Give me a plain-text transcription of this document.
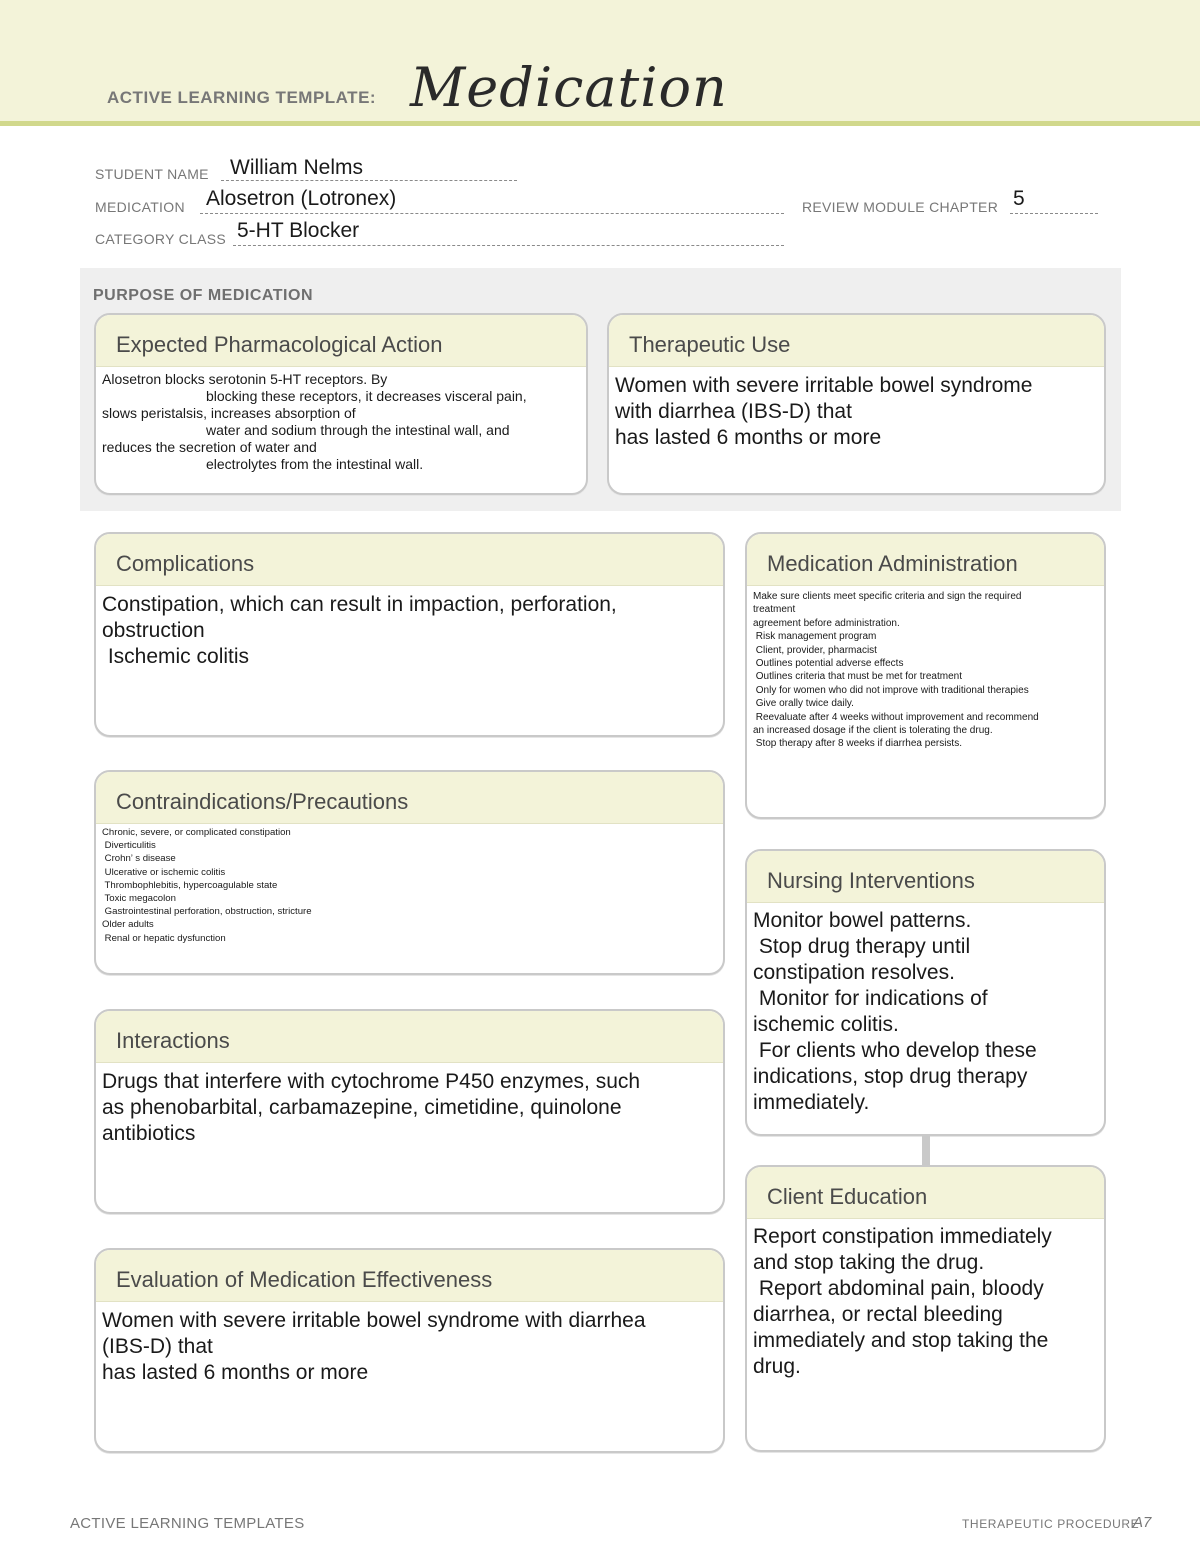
ACTIVE LEARNING TEMPLATE: Medication
STUDENT NAME William Nelms
MEDICATION Alosetron (Lotronex)	REVIEW MODULE CHAPTER 5
CATEGORY CLASS 5-HT Blocker
PURPOSE OF MEDICATION
Expected Pharmacological Action
Alosetron blocks serotonin 5-HT receptors. By
blocking these receptors, it decreases visceral pain,
slows peristalsis, increases absorption of
water and sodium through the intestinal wall, and
reduces the secretion of water and
electrolytes from the intestinal wall.
Therapeutic Use
Women with severe irritable bowel syndrome
with diarrhea (IBS-D) that
has lasted 6 months or more
Complications
Constipation, which can result in impaction, perforation,
obstruction
Ischemic colitis
Medication Administration
Make sure clients meet specific criteria and sign the required
treatment
agreement before administration.
Risk management program
Client, provider, pharmacist
Outlines potential adverse effects
Outlines criteria that must be met for treatment
Only for women who did not improve with traditional therapies
Give orally twice daily.
Reevaluate after 4 weeks without improvement and recommend
an increased dosage if the client is tolerating the drug.
Stop therapy after 8 weeks if diarrhea persists.
Contraindications/Precautions
Chronic, severe, or complicated constipation
Diverticulitis
Crohn’ s disease
Ulcerative or ischemic colitis
Thrombophlebitis, hypercoagulable state
Toxic megacolon
Gastrointestinal perforation, obstruction, stricture
Older adults
Renal or hepatic dysfunction
Nursing Interventions
Monitor bowel patterns.
Stop drug therapy until
constipation resolves.
Monitor for indications of
ischemic colitis.
For clients who develop these
indications, stop drug therapy
immediately.
Interactions
Drugs that interfere with cytochrome P450 enzymes, such
as phenobarbital, carbamazepine, cimetidine, quinolone
antibiotics
Client Education
Report constipation immediately
and stop taking the drug.
Report abdominal pain, bloody
diarrhea, or rectal bleeding
immediately and stop taking the
drug.
Evaluation of Medication Effectiveness
Women with severe irritable bowel syndrome with diarrhea
(IBS-D) that
has lasted 6 months or more
ACTIVE LEARNING TEMPLATES	THERAPEUTIC PROCEDURE
A7
